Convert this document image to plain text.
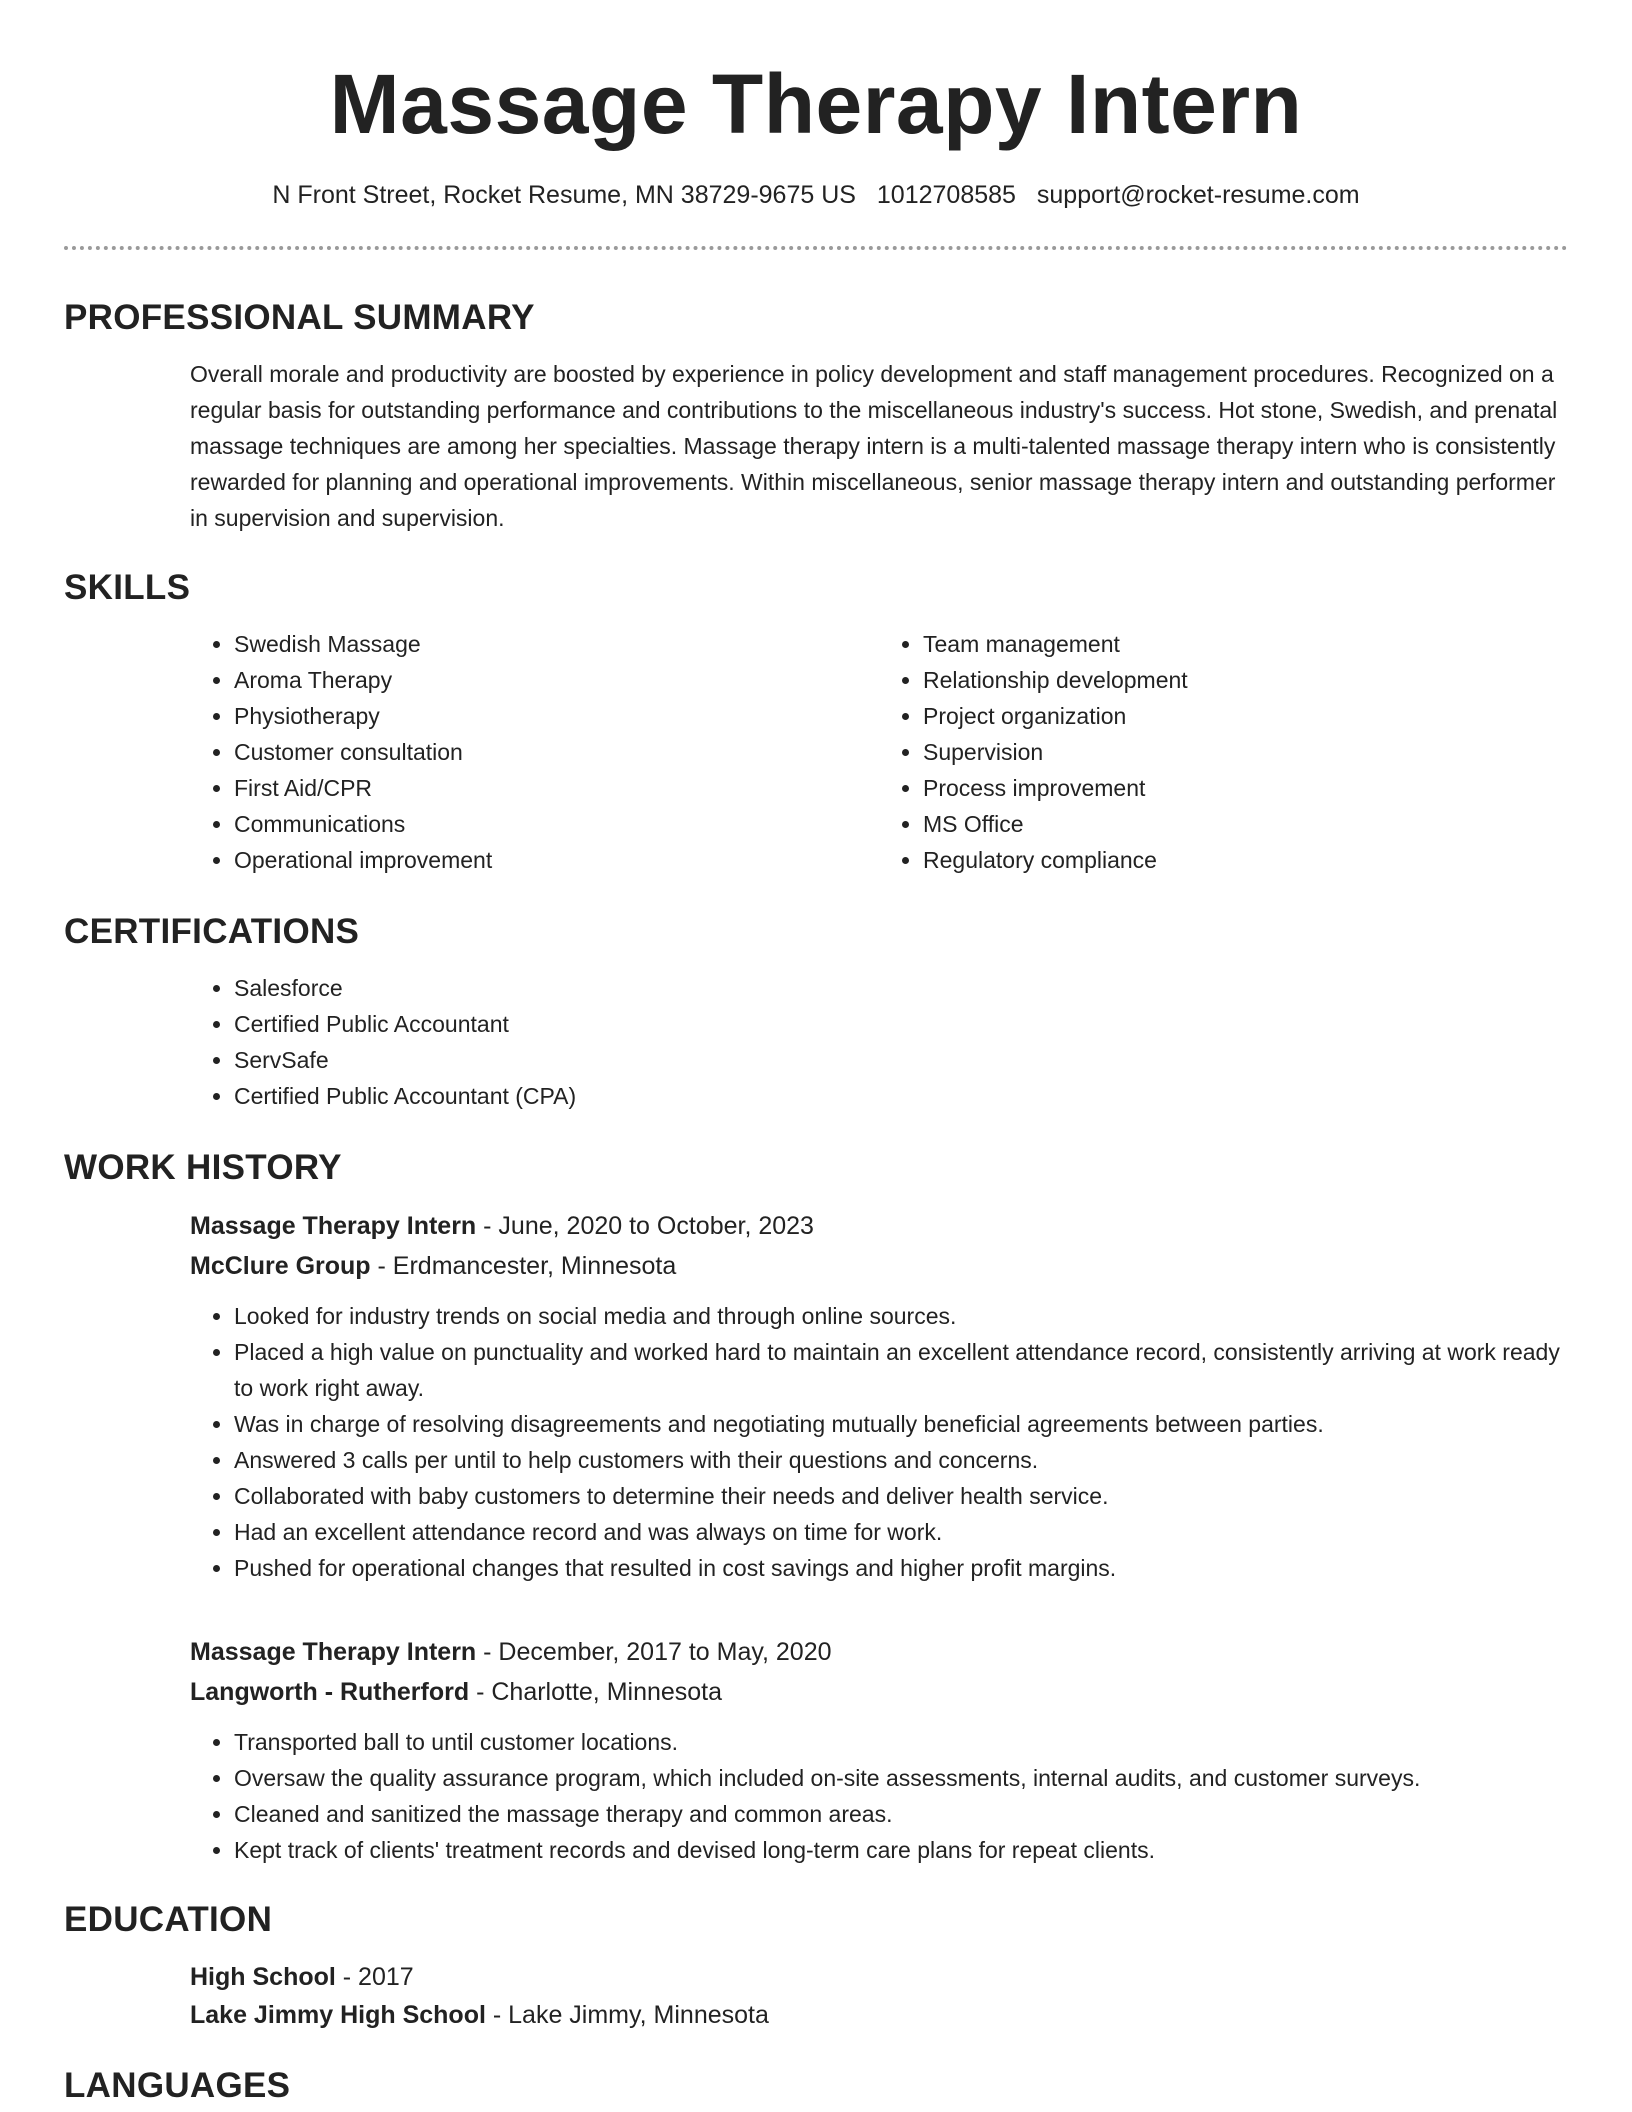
Massage Therapy Intern
N Front Street, Rocket Resume, MN 38729-9675 US 1012708585 support@rocket-resume.com
PROFESSIONAL SUMMARY
Overall morale and productivity are boosted by experience in policy development and staff management procedures. Recognized on a regular basis for outstanding performance and contributions to the miscellaneous industry's success. Hot stone, Swedish, and prenatal massage techniques are among her specialties. Massage therapy intern is a multi-talented massage therapy intern who is consistently rewarded for planning and operational improvements. Within miscellaneous, senior massage therapy intern and outstanding performer in supervision and supervision.
SKILLS
• Swedish Massage
• Aroma Therapy
• Physiotherapy
• Customer consultation
• First Aid/CPR
• Communications
• Operational improvement
• Team management
• Relationship development
• Project organization
• Supervision
• Process improvement
• MS Office
• Regulatory compliance
CERTIFICATIONS
• Salesforce
• Certified Public Accountant
• ServSafe
• Certified Public Accountant (CPA)
WORK HISTORY
Massage Therapy Intern - June, 2020 to October, 2023
McClure Group - Erdmancester, Minnesota
• Looked for industry trends on social media and through online sources.
• Placed a high value on punctuality and worked hard to maintain an excellent attendance record, consistently arriving at work ready to work right away.
• Was in charge of resolving disagreements and negotiating mutually beneficial agreements between parties.
• Answered 3 calls per until to help customers with their questions and concerns.
• Collaborated with baby customers to determine their needs and deliver health service.
• Had an excellent attendance record and was always on time for work.
• Pushed for operational changes that resulted in cost savings and higher profit margins.
Massage Therapy Intern - December, 2017 to May, 2020
Langworth - Rutherford - Charlotte, Minnesota
• Transported ball to until customer locations.
• Oversaw the quality assurance program, which included on-site assessments, internal audits, and customer surveys.
• Cleaned and sanitized the massage therapy and common areas.
• Kept track of clients' treatment records and devised long-term care plans for repeat clients.
EDUCATION
High School - 2017
Lake Jimmy High School - Lake Jimmy, Minnesota
LANGUAGES
